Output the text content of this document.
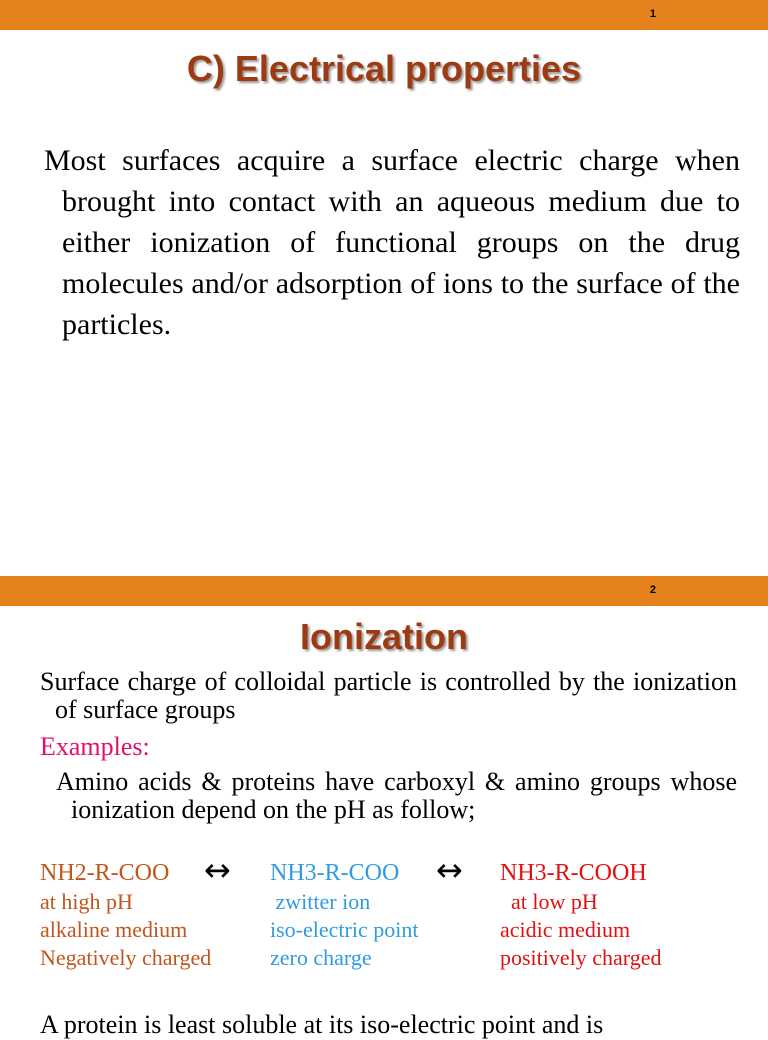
1
C) Electrical properties
Most surfaces acquire a surface electric charge when brought into contact with an aqueous medium due to either ionization of functional groups on the drug molecules and/or adsorption of ions to the surface of the particles.
2
Ionization
Surface charge of colloidal particle is controlled by the ionization of surface groups
Examples:
Amino acids & proteins have carboxyl & amino groups whose ionization depend on the pH as follow;
NH2-R-COO
at high pH
alkaline medium
Negatively charged
↔ NH3-R-COO
zwitter ion
iso-electric point
zero charge
↔ NH3-R-COOH
at low pH
acidic medium
positively charged
A protein is least soluble at its iso-electric point and is
